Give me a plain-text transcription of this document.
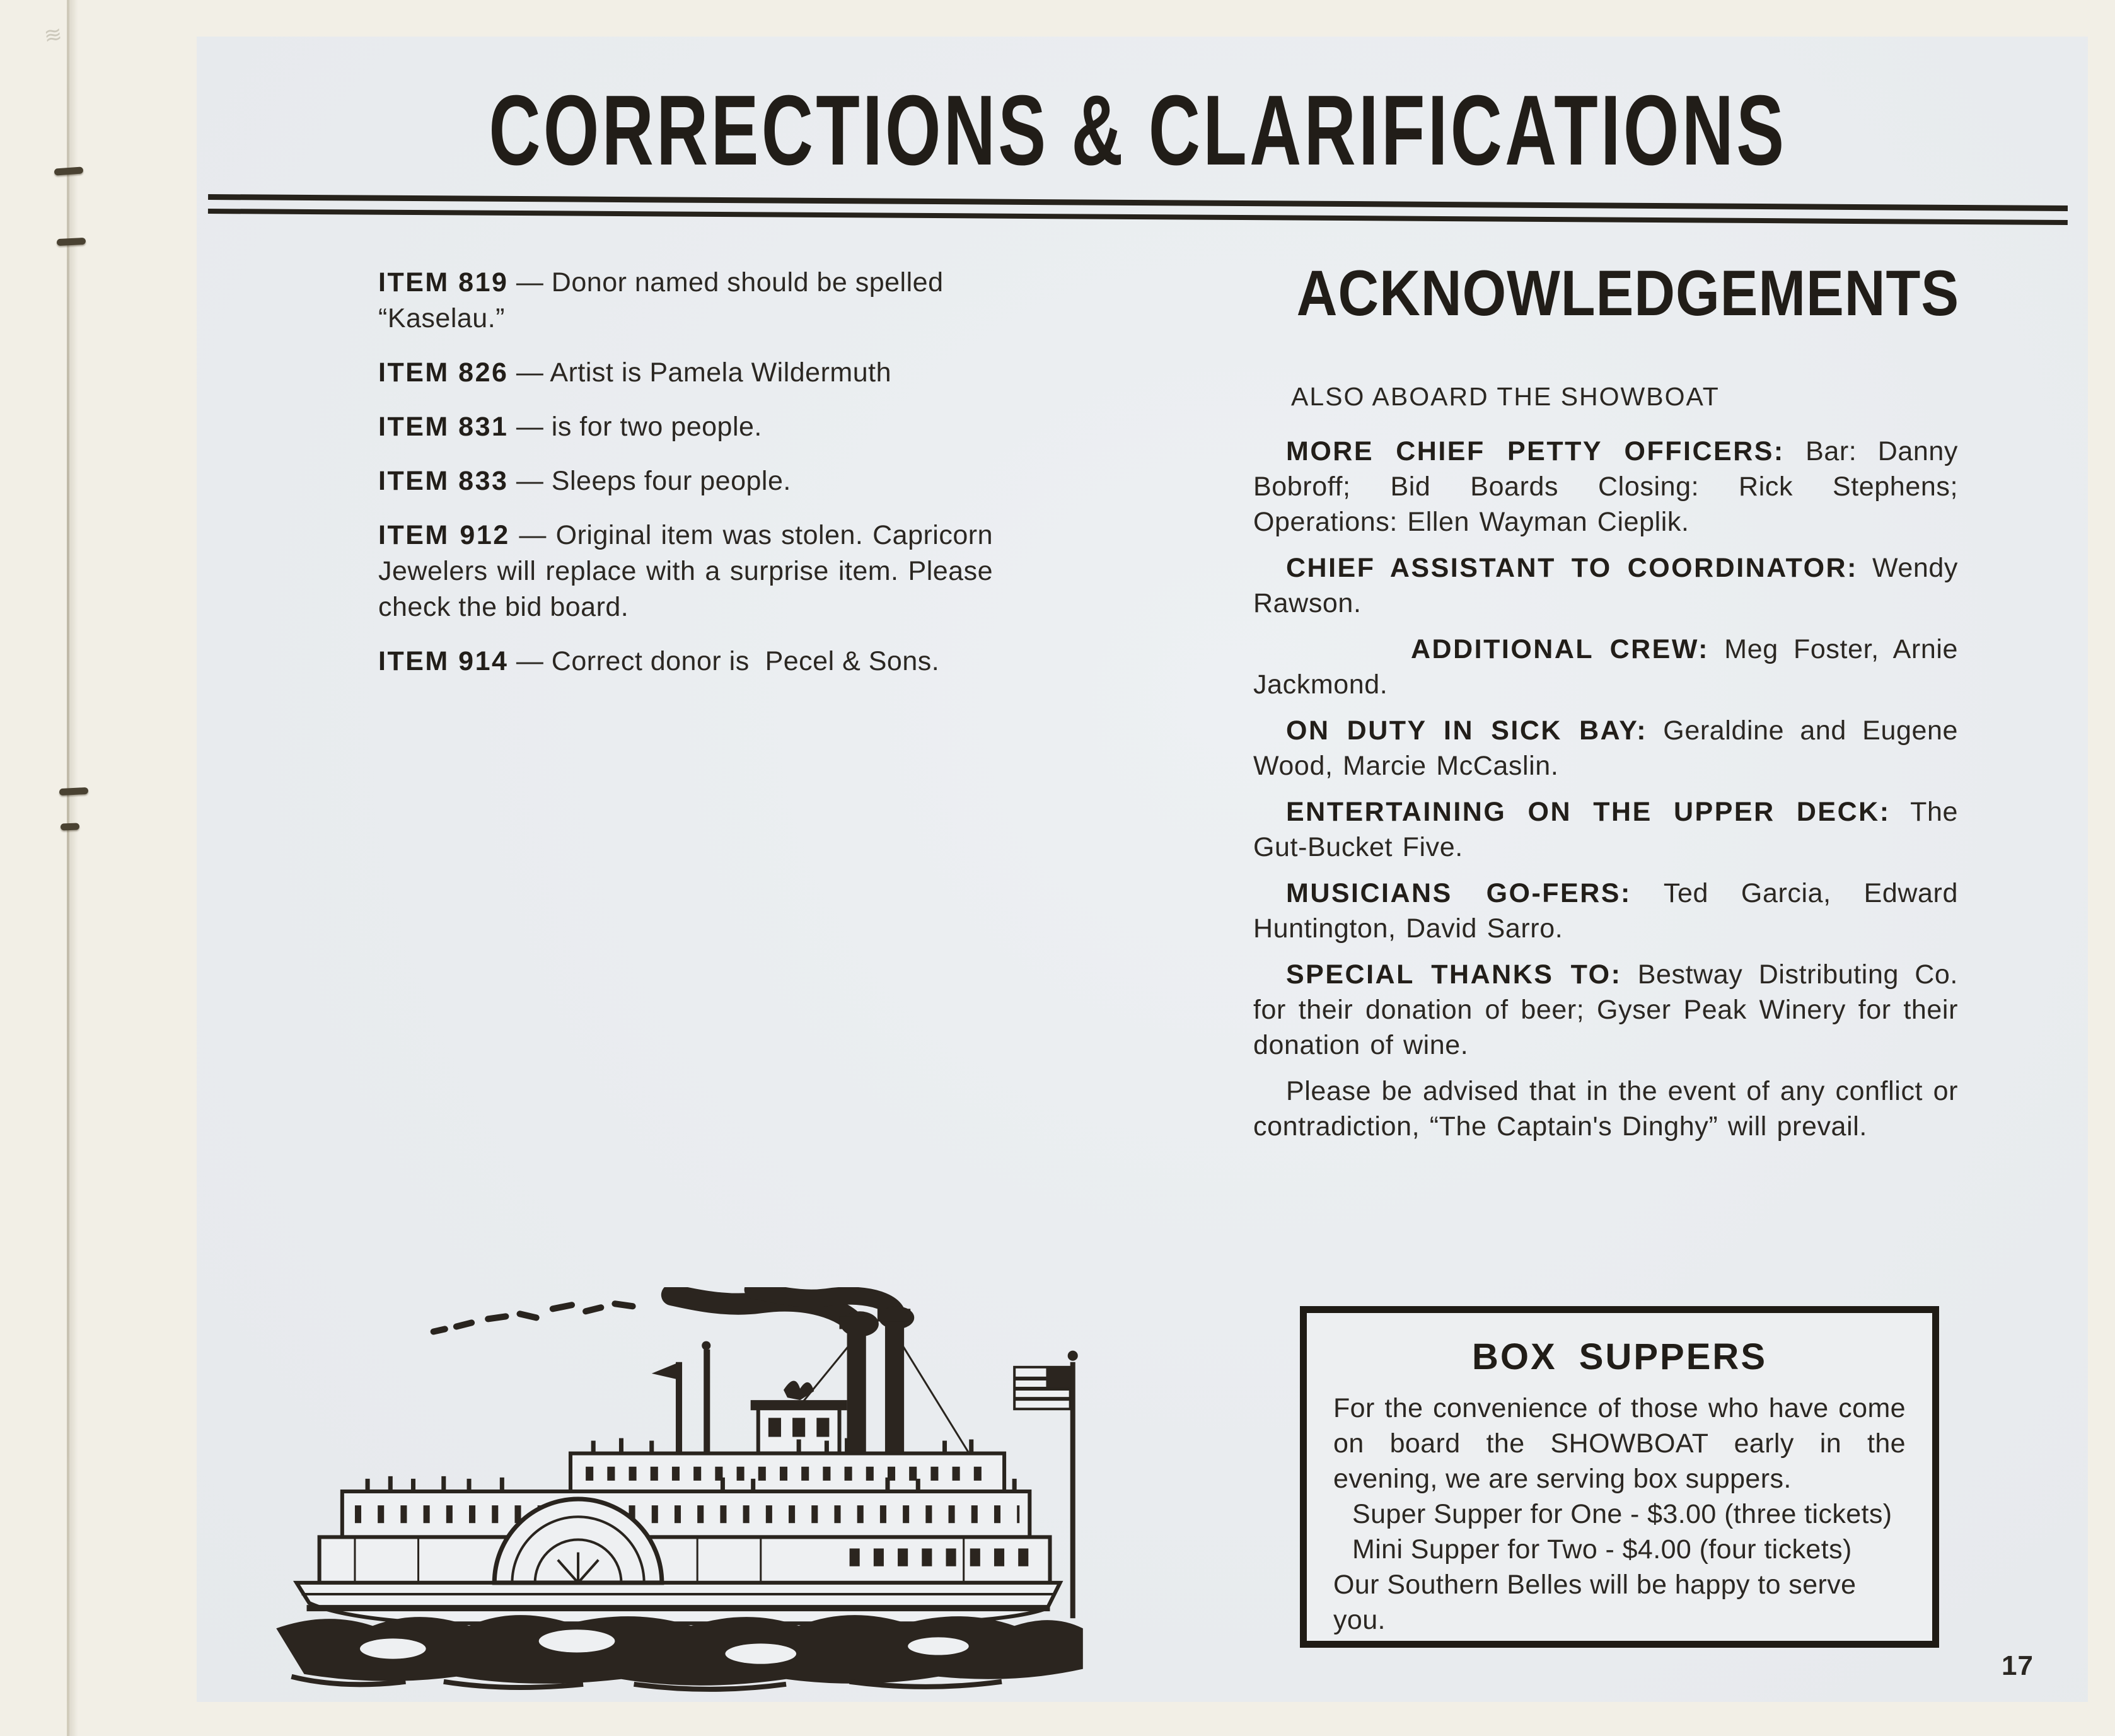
≋
CORRECTIONS & CLARIFICATIONS

ITEM 819 — Donor named should be spelled “Kaselau.”

ITEM 826 — Artist is Pamela Wildermuth

ITEM 831 — is for two people.

ITEM 833 — Sleeps four people.

ITEM 912 — Original item was stolen. Capricorn Jewelers will replace with a surprise item. Please check the bid board.

ITEM 914 — Correct donor is  Pecel & Sons.

ACKNOWLEDGEMENTS
ALSO ABOARD THE SHOWBOAT

MORE CHIEF PETTY OFFICERS: Bar: Danny Bobroff; Bid Boards Closing: Rick Stephens; Operations: Ellen Wayman Cieplik.

CHIEF ASSISTANT TO COORDINATOR: Wendy Rawson.

ADDITIONAL CREW: Meg Foster, Arnie Jackmond.

ON DUTY IN SICK BAY: Geraldine and Eugene Wood, Marcie McCaslin.

ENTERTAINING ON THE UPPER DECK: The Gut-Bucket Five.

MUSICIANS GO-FERS: Ted Garcia, Edward Huntington, David Sarro.

SPECIAL THANKS TO: Bestway Distributing Co. for their donation of beer; Gyser Peak Winery for their donation of wine.

Please be advised that in the event of any conflict or contradiction, “The Captain's Dinghy” will prevail.

BOX SUPPERS

For the convenience of those who have come on board the SHOWBOAT early in the evening, we are serving box suppers.

Super Supper for One - $3.00 (three tickets)
Mini Supper for Two - $4.00 (four tickets)

Our Southern Belles will be happy to serve you.

17
